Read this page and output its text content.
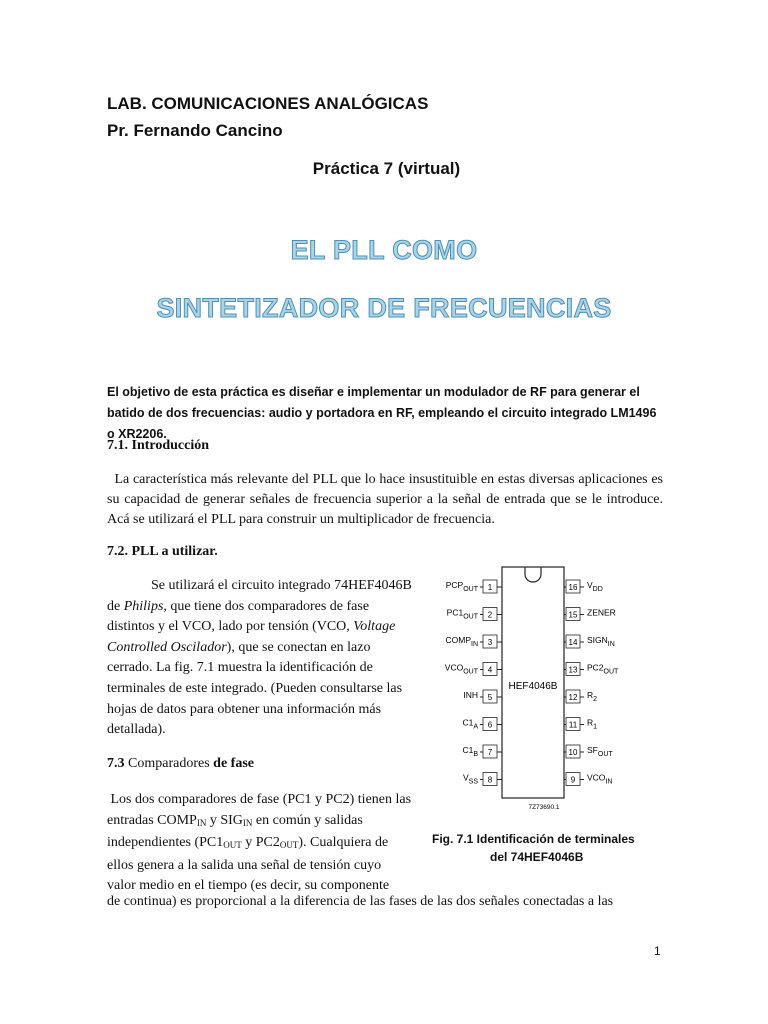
LAB. COMUNICACIONES ANALÓGICAS
Pr. Fernando Cancino
Práctica 7 (virtual)
EL PLL COMO
SINTETIZADOR DE FRECUENCIAS
El objetivo de esta práctica es diseñar e implementar un modulador de RF para generar el batido de dos frecuencias: audio y portadora en RF, empleando el circuito integrado LM1496 o XR2206.
7.1. Introducción
La característica más relevante del PLL que lo hace insustituible en estas diversas aplicaciones es su capacidad de generar señales de frecuencia superior a la señal de entrada que se le introduce. Acá se utilizará el PLL para construir un multiplicador de frecuencia.
7.2. PLL a utilizar.
Se utilizará el circuito integrado 74HEF4046B de Philips, que tiene dos comparadores de fase distintos y el VCO, lado por tensión (VCO, Voltage Controlled Oscilador), que se conectan en lazo cerrado. La fig. 7.1 muestra la identificación de terminales de este integrado. (Pueden consultarse las hojas de datos para obtener una información más detallada).
7.3 Comparadores de fase
Los dos comparadores de fase (PC1 y PC2) tienen las entradas $COMP_{IN}$ y $SIG_{IN}$ en común y salidas independientes ($PC1_{OUT}$ y $PC2_{OUT}$). Cualquiera de ellos genera a la salida una señal de tensión cuyo valor medio en el tiempo (es decir, su componente
de continua) es proporcional a la diferencia de las fases de las dos señales conectadas a las
HEF4046B
7Z73690.1
1
$PCP_{OUT}$
2
$PC1_{OUT}$
3
$COMP_{IN}$
4
$VCO_{OUT}$
5
INH
6
$C1_A$
7
$C1_B$
8
$V_{SS}$
16 $V_{DD}$
15 ZENER
14 $SIGN_{IN}$
13 $PC2_{OUT}$
12 $R_2$
11 $R_1$
10 $SF_{OUT}$
9 $VCO_{IN}$
Fig. 7.1 Identificación de terminales
del 74HEF4046B
1
